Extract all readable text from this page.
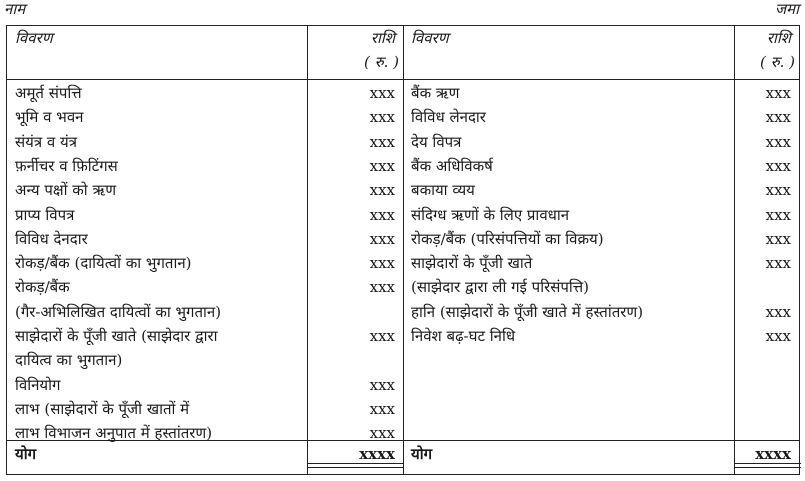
नाम	जमा
विवरण	राशि
( रु. )
विवरण	राशि
( रु. )
अमूर्त संपत्ति	xxx
भूमि व भवन	xxx
संयंत्र व यंत्र	xxx
फ़र्नीचर व फ़िटिंगस	xxx
अन्य पक्षों को ऋण	xxx
प्राप्य विपत्र	xxx
विविध देनदार	xxx
रोकड़/बैंक (दायित्वों का भुगतान)	xxx
रोकड़/बैंक	xxx
(गैर-अभिलिखित दायित्वों का भुगतान)
साझेदारों के पूँजी खाते (साझेदार द्वारा	xxx
दायित्व का भुगतान)
विनियोग	xxx
लाभ (साझेदारों के पूँजी खातों में	xxx
लाभ विभाजन अनुपात में हस्तांतरण)	xxx
बैंक ऋण	xxx
विविध लेनदार	xxx
देय विपत्र	xxx
बैंक अधिविकर्ष	xxx
बकाया व्यय	xxx
संदिग्ध ऋणों के लिए प्रावधान	xxx
रोकड़/बैंक (परिसंपत्तियों का विक्रय)	xxx
साझेदारों के पूँजी खाते	xxx
(साझेदार द्वारा ली गई परिसंपत्ति)
हानि (साझेदारों के पूँजी खाते में हस्तांतरण)	xxx
निवेश बढ़-घट निधि	xxx
योग	xxxx योग	xxxx
